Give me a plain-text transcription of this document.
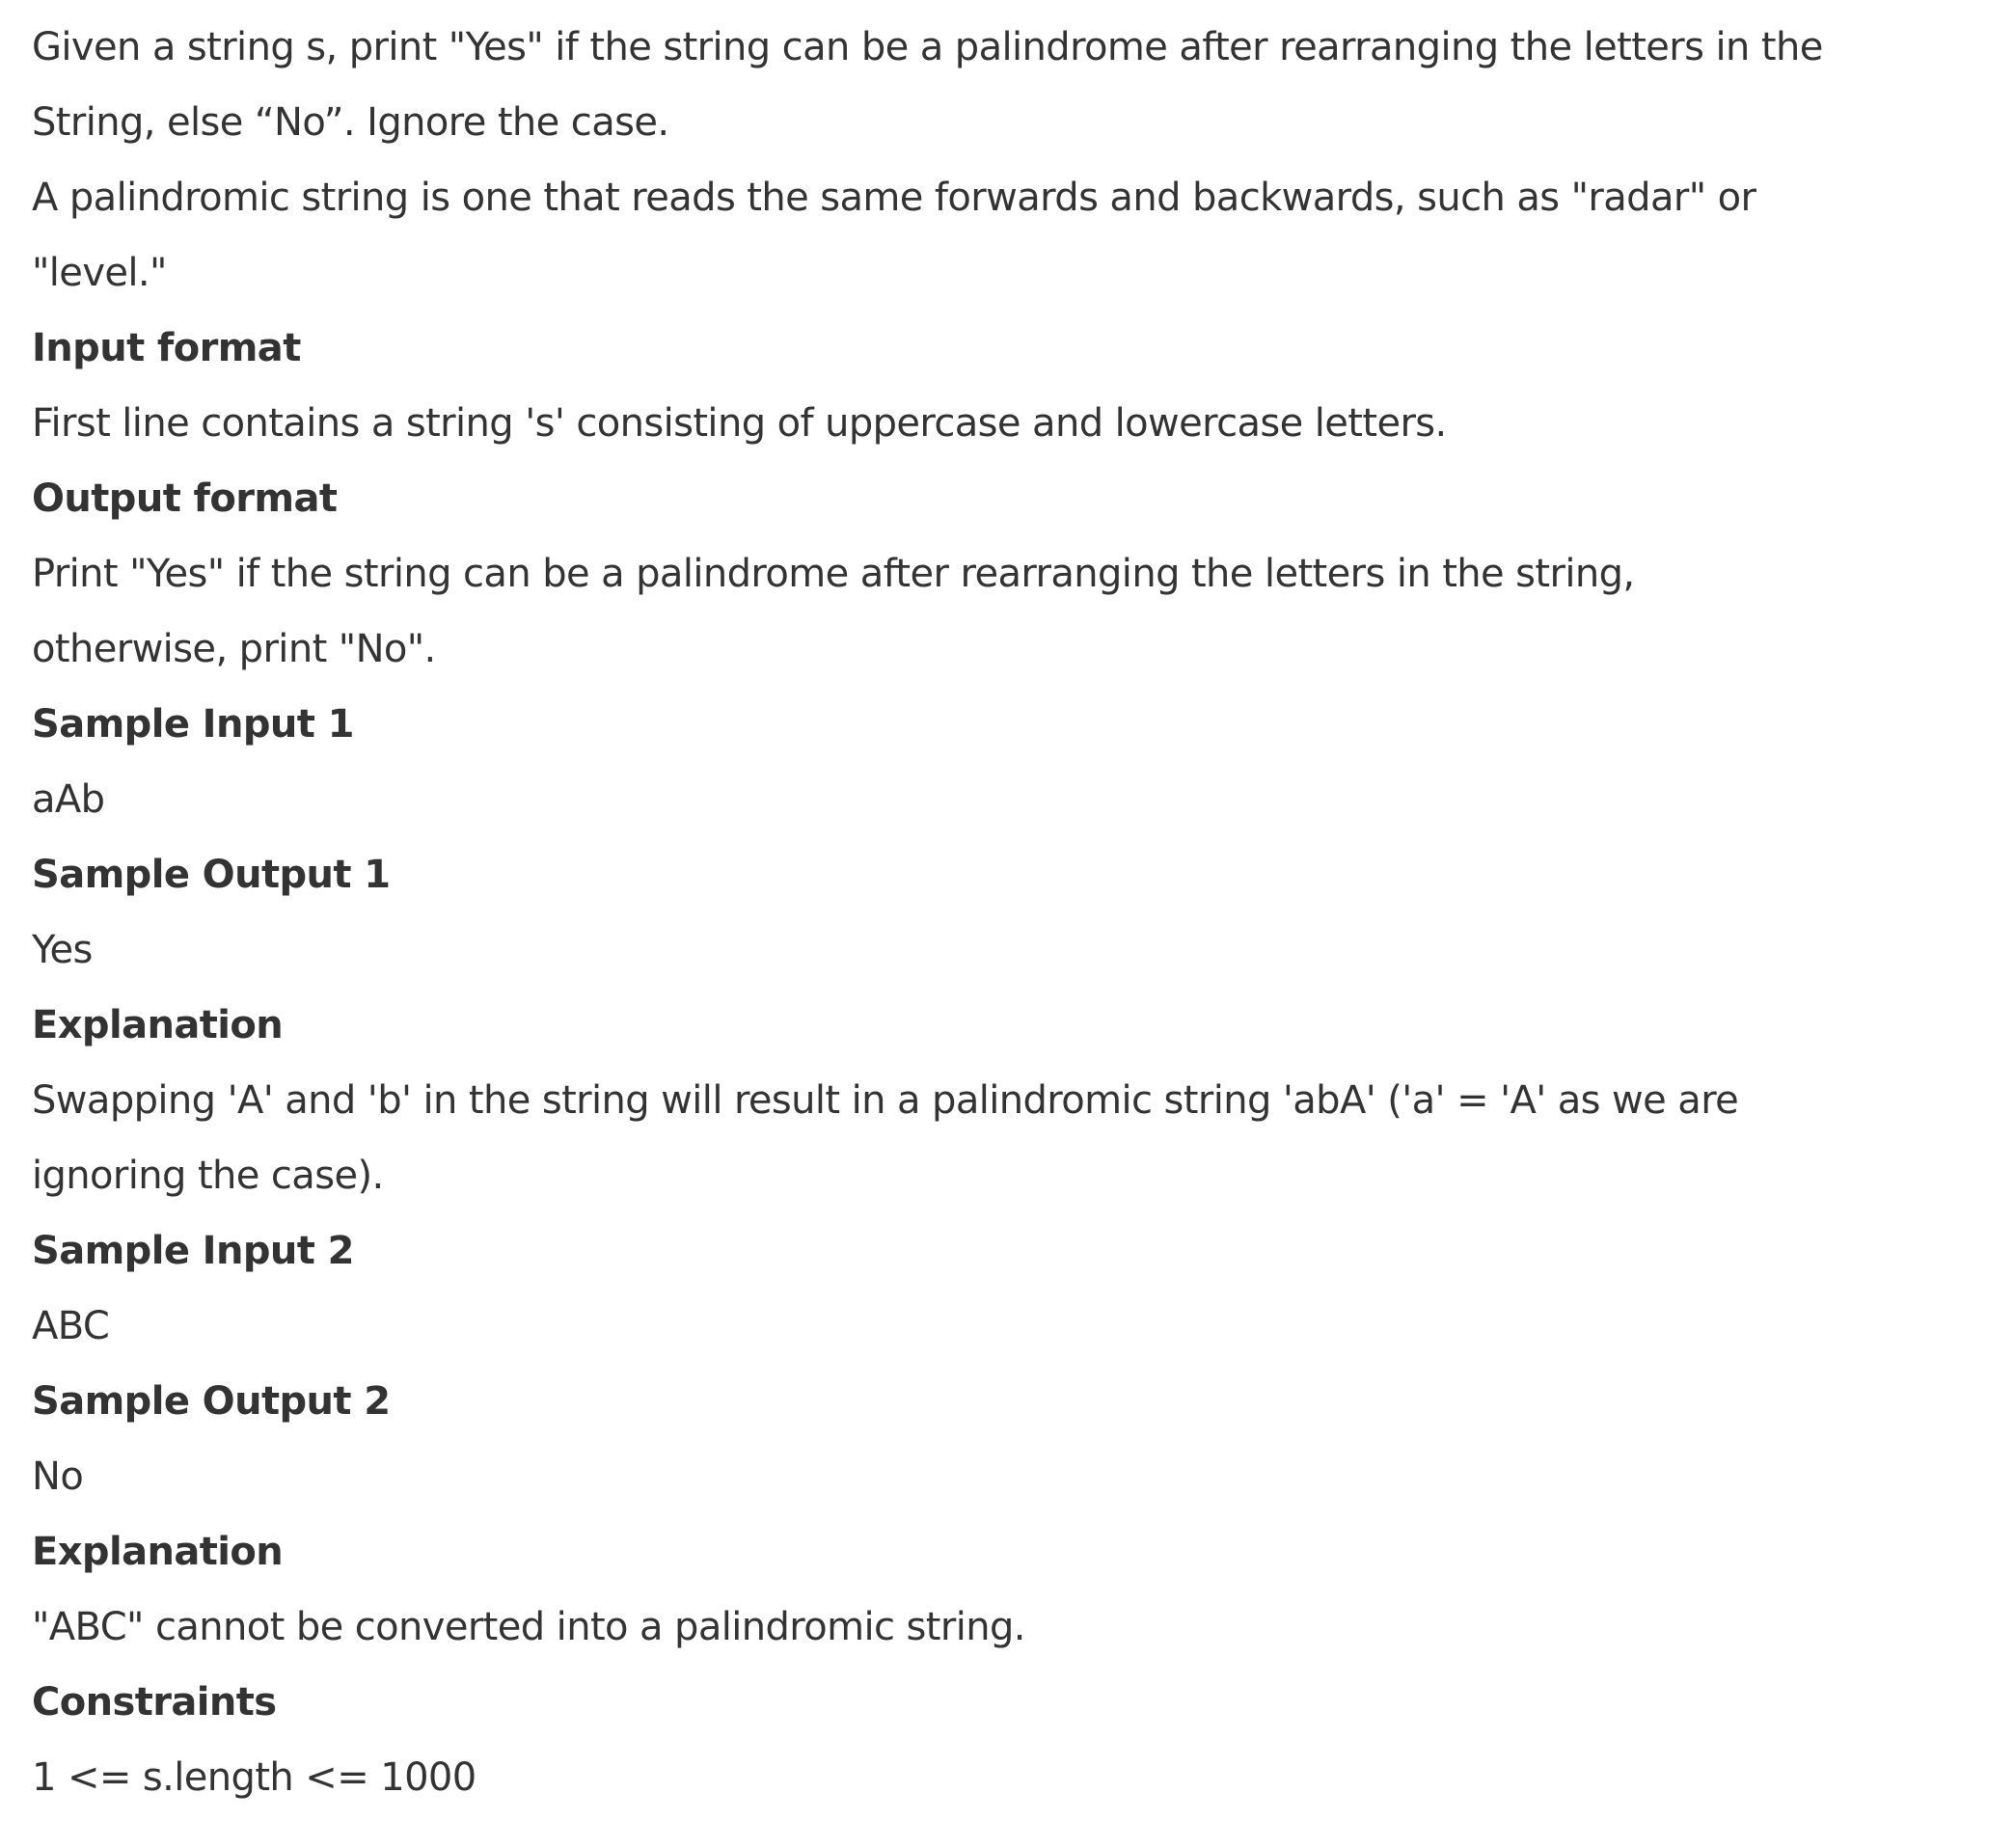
Given a string s, print "Yes" if the string can be a palindrome after rearranging the letters in the

String, else “No”. Ignore the case.

A palindromic string is one that reads the same forwards and backwards, such as "radar" or

"level."

Input format

First line contains a string 's' consisting of uppercase and lowercase letters.

Output format

Print "Yes" if the string can be a palindrome after rearranging the letters in the string,

otherwise, print "No".

Sample Input 1

aAb

Sample Output 1

Yes

Explanation

Swapping 'A' and 'b' in the string will result in a palindromic string 'abA' ('a' = 'A' as we are

ignoring the case).

Sample Input 2

ABC

Sample Output 2

No

Explanation

"ABC" cannot be converted into a palindromic string.

Constraints

1 <= s.length <= 1000
